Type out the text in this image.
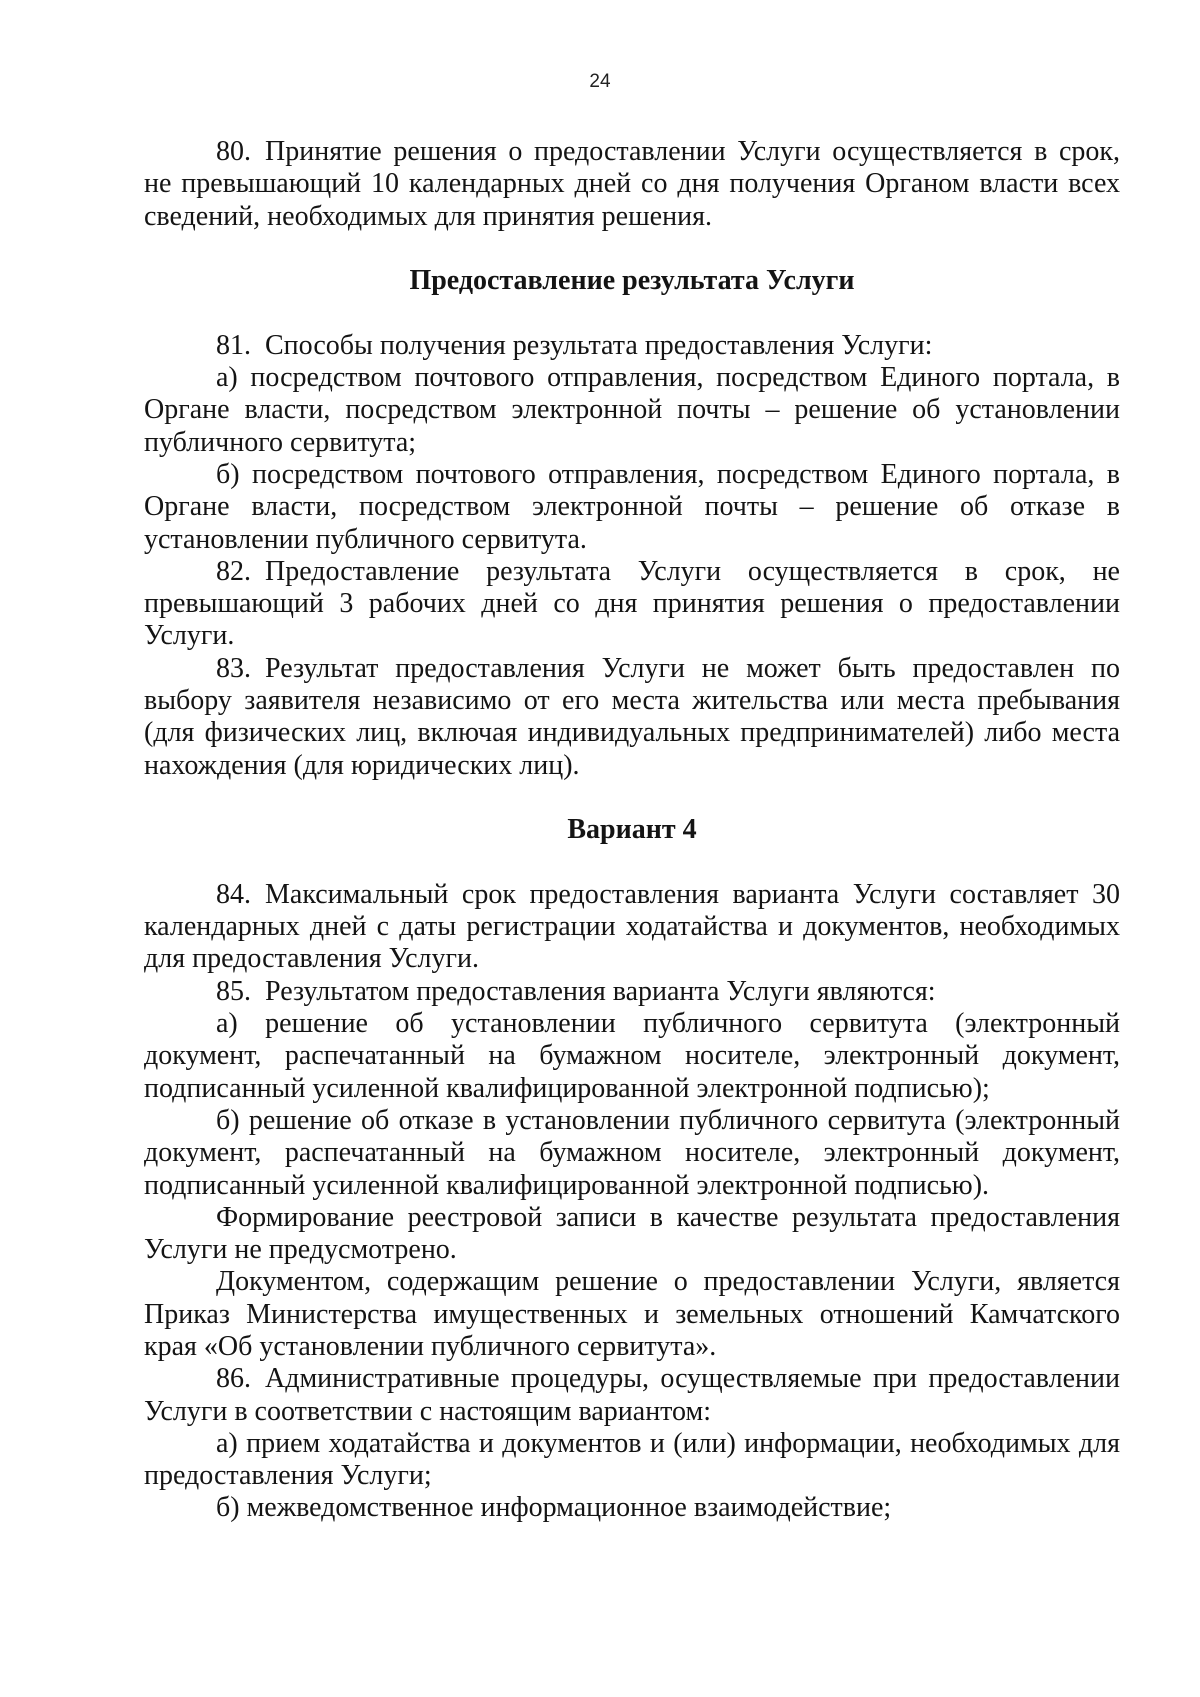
24

80. Принятие решения о предоставлении Услуги осуществляется в срок, не превышающий 10 календарных дней со дня получения Органом власти всех сведений, необходимых для принятия решения.

Предоставление результата Услуги

81. Способы получения результата предоставления Услуги:

а) посредством почтового отправления, посредством Единого портала, в Органе власти, посредством электронной почты – решение об установлении публичного сервитута;

б) посредством почтового отправления, посредством Единого портала, в Органе власти, посредством электронной почты – решение об отказе в установлении публичного сервитута.

82. Предоставление результата Услуги осуществляется в срок, не превышающий 3 рабочих дней со дня принятия решения о предоставлении Услуги.

83. Результат предоставления Услуги не может быть предоставлен по выбору заявителя независимо от его места жительства или места пребывания (для физических лиц, включая индивидуальных предпринимателей) либо места нахождения (для юридических лиц).

Вариант 4

84. Максимальный срок предоставления варианта Услуги составляет 30 календарных дней с даты регистрации ходатайства и документов, необходимых для предоставления Услуги.

85. Результатом предоставления варианта Услуги являются:

а) решение об установлении публичного сервитута (электронный документ, распечатанный на бумажном носителе, электронный документ, подписанный усиленной квалифицированной электронной подписью);

б) решение об отказе в установлении публичного сервитута (электронный документ, распечатанный на бумажном носителе, электронный документ, подписанный усиленной квалифицированной электронной подписью).

Формирование реестровой записи в качестве результата предоставления Услуги не предусмотрено.

Документом, содержащим решение о предоставлении Услуги, является Приказ Министерства имущественных и земельных отношений Камчатского края «Об установлении публичного сервитута».

86. Административные процедуры, осуществляемые при предоставлении Услуги в соответствии с настоящим вариантом:

а) прием ходатайства и документов и (или) информации, необходимых для предоставления Услуги;

б) межведомственное информационное взаимодействие;
